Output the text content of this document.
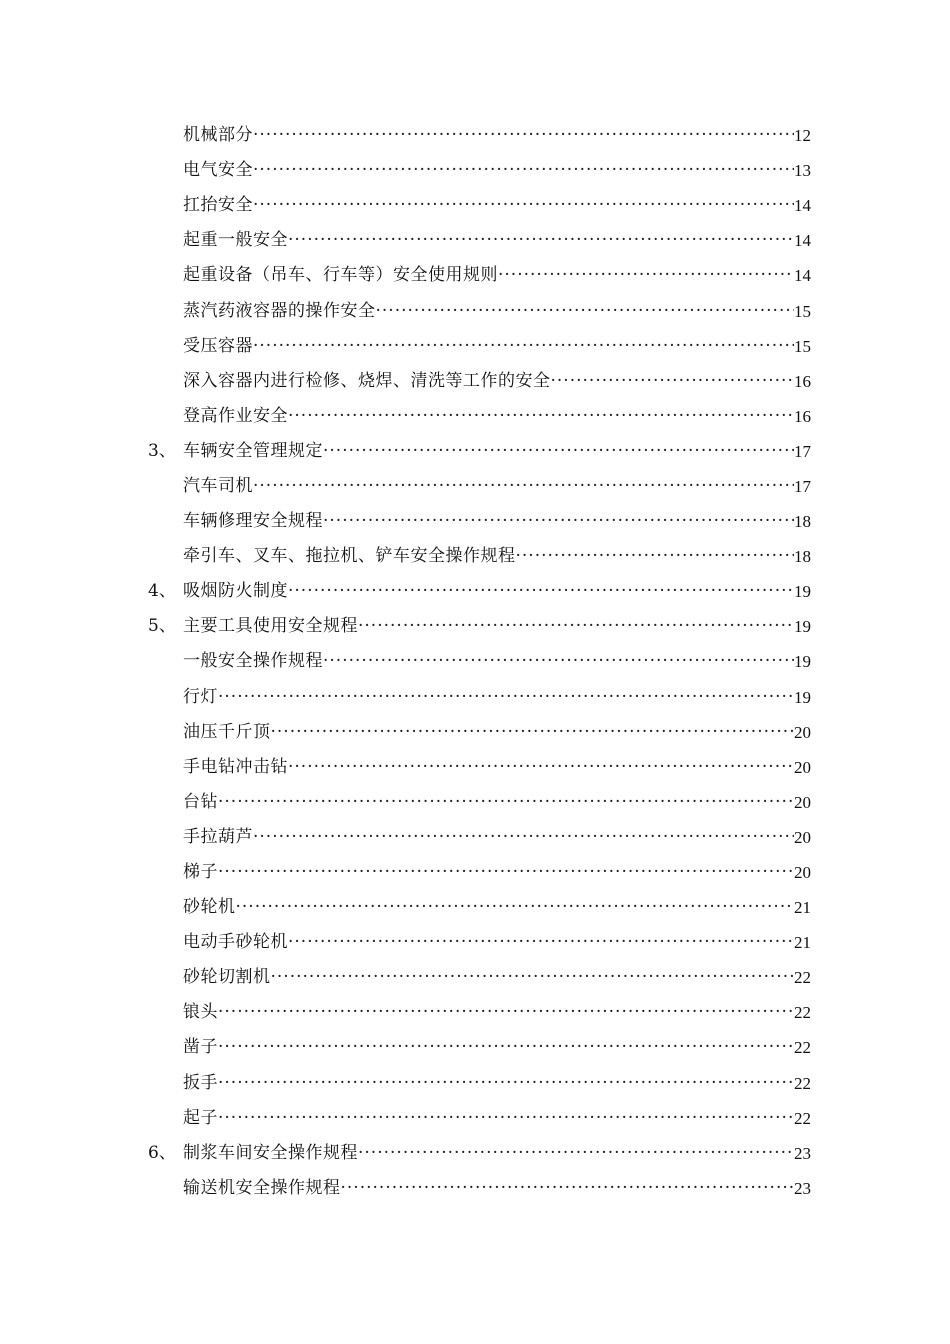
机械部分 ·····	12
电气安全 ·····	13
扛抬安全 ·····	14
起重一般安全 ·····	14
起重设备（吊车、行车等）安全使用规则 ·····	14
蒸汽药液容器的操作安全 ·····	15
受压容器 ·····	15
深入容器内进行检修、烧焊、清洗等工作的安全 ·····	16
登高作业安全 ·····	16
3、 车辆安全管理规定 ·····	17
汽车司机 ·····	17
车辆修理安全规程 ·····	18
牵引车、叉车、拖拉机、铲车安全操作规程 ·····	18
4、 吸烟防火制度 ·····	19
5、 主要工具使用安全规程 ·····	19
一般安全操作规程 ·····	19
行灯 ·····	19
油压千斤顶 ·····	20
手电钻冲击钻 ·····	20
台钻 ·····	20
手拉葫芦 ·····	20
梯子 ·····	20
砂轮机 ·····	21
电动手砂轮机 ·····	21
砂轮切割机 ·····	22
锒头 ·····	22
凿子 ·····	22
扳手 ·····	22
起子 ·····	22
6、 制浆车间安全操作规程 ·····	23
输送机安全操作规程 ·····	23
